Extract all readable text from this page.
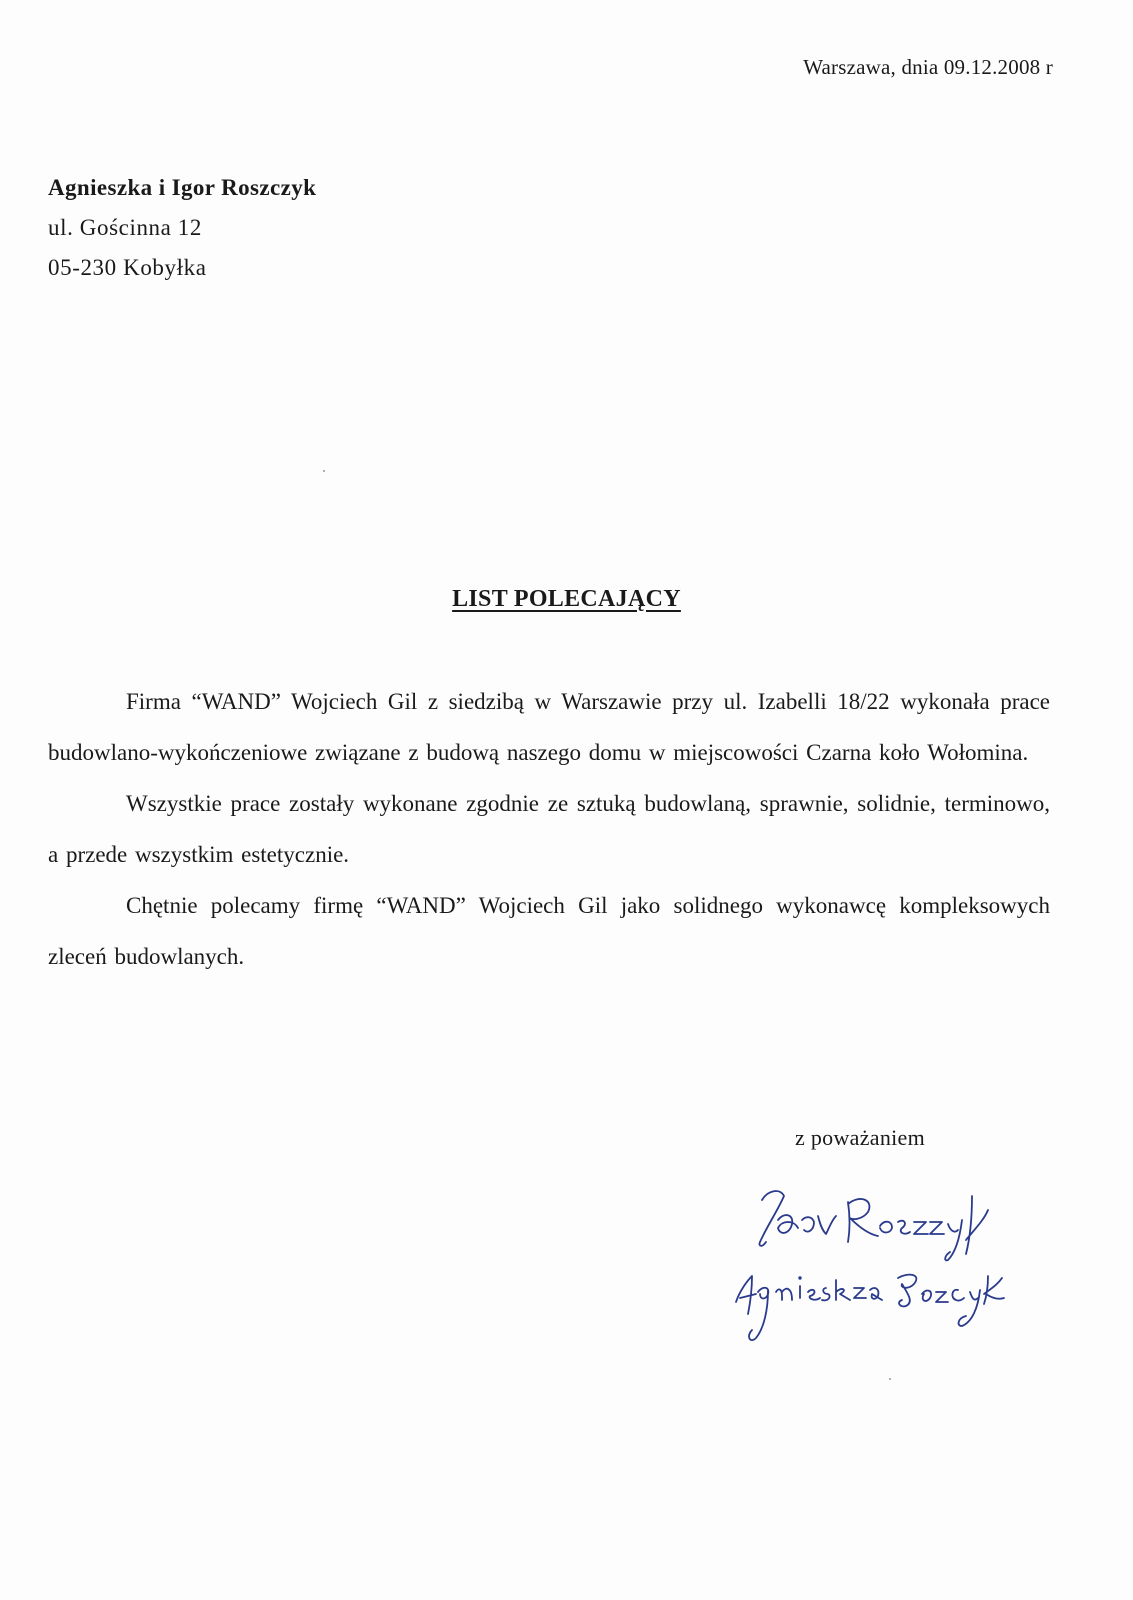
Warszawa, dnia 09.12.2008 r
Agnieszka i Igor Roszczyk
ul. Gościnna 12
05-230 Kobyłka
LIST POLECAJĄCY

Firma “WAND” Wojciech Gil z siedzibą w Warszawie przy ul. Izabelli 18/22 wykonała prace budowlano-wykończeniowe związane z budową naszego domu w miejscowości Czarna koło Wołomina.

Wszystkie prace zostały wykonane zgodnie ze sztuką budowlaną, sprawnie, solidnie, terminowo, a przede wszystkim estetycznie.

Chętnie polecamy firmę “WAND” Wojciech Gil jako solidnego wykonawcę kompleksowych zleceń budowlanych.

z poważaniem
